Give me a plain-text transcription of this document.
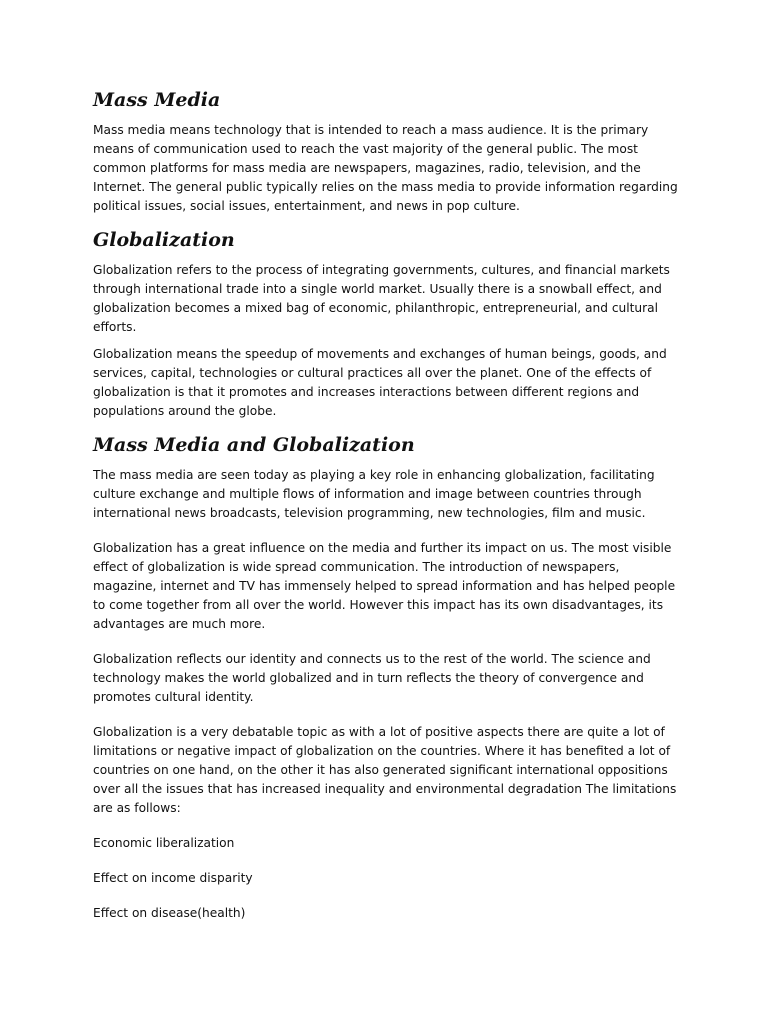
Mass Media

Mass media means technology that is intended to reach a mass audience. It is the primary means of communication used to reach the vast majority of the general public. The most common platforms for mass media are newspapers, magazines, radio, television, and the Internet. The general public typically relies on the mass media to provide information regarding political issues, social issues, entertainment, and news in pop culture.

Globalization

Globalization refers to the process of integrating governments, cultures, and financial markets through international trade into a single world market. Usually there is a snowball effect, and globalization becomes a mixed bag of economic, philanthropic, entrepreneurial, and cultural efforts.

Globalization means the speedup of movements and exchanges of human beings, goods, and services, capital, technologies or cultural practices all over the planet. One of the effects of globalization is that it promotes and increases interactions between different regions and populations around the globe.

Mass Media and Globalization

The mass media are seen today as playing a key role in enhancing globalization, facilitating culture exchange and multiple flows of information and image between countries through international news broadcasts, television programming, new technologies, film and music.

Globalization has a great influence on the media and further its impact on us. The most visible effect of globalization is wide spread communication. The introduction of newspapers, magazine, internet and TV has immensely helped to spread information and has helped people to come together from all over the world. However this impact has its own disadvantages, its advantages are much more.

Globalization reflects our identity and connects us to the rest of the world. The science and technology makes the world globalized and in turn reflects the theory of convergence and promotes cultural identity.

Globalization is a very debatable topic as with a lot of positive aspects there are quite a lot of limitations or negative impact of globalization on the countries. Where it has benefited a lot of countries on one hand, on the other it has also generated significant international oppositions over all the issues that has increased inequality and environmental degradation The limitations are as follows:

Economic liberalization

Effect on income disparity

Effect on disease(health)
